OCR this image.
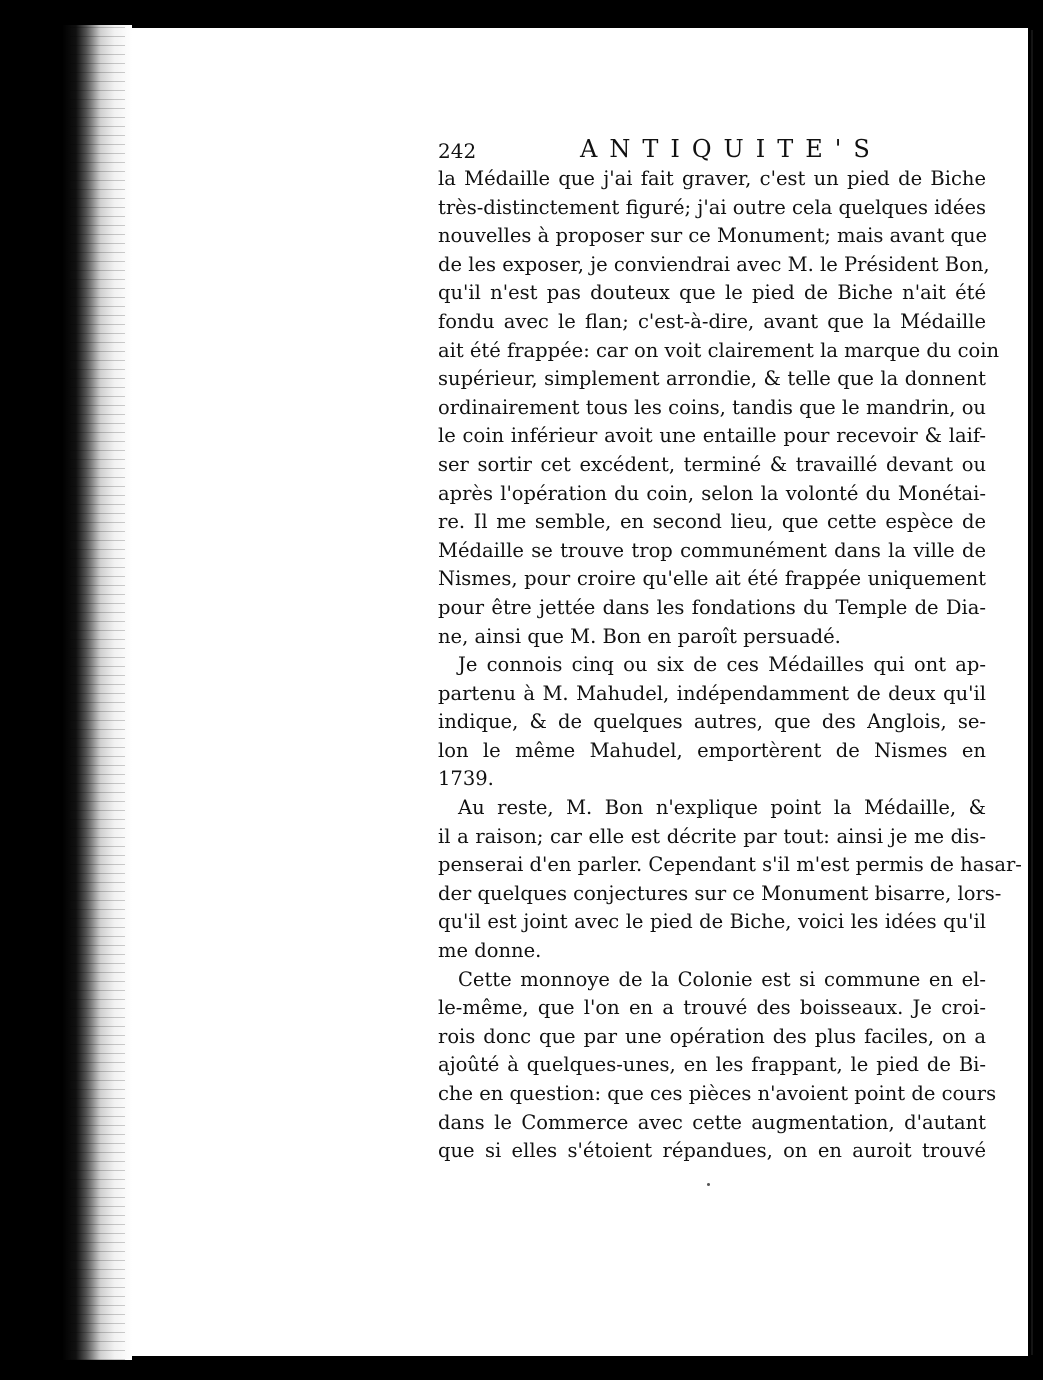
242	ANTIQUITE'S
la Médaille que j'ai fait graver, c'est un pied de Biche
très-distinctement figuré; j'ai outre cela quelques idées
nouvelles à proposer sur ce Monument; mais avant que
de les exposer, je conviendrai avec M. le Président Bon,
qu'il n'est pas douteux que le pied de Biche n'ait été
fondu avec le flan; c'est-à-dire, avant que la Médaille
ait été frappée: car on voit clairement la marque du coin
supérieur, simplement arrondie, & telle que la donnent
ordinairement tous les coins, tandis que le mandrin, ou
le coin inférieur avoit une entaille pour recevoir & laif-
ser sortir cet excédent, terminé & travaillé devant ou
après l'opération du coin, selon la volonté du Monétai-
re. Il me semble, en second lieu, que cette espèce de
Médaille se trouve trop communément dans la ville de
Nismes, pour croire qu'elle ait été frappée uniquement
pour être jettée dans les fondations du Temple de Dia-
ne, ainsi que M. Bon en paroît persuadé.
Je connois cinq ou six de ces Médailles qui ont ap-
partenu à M. Mahudel, indépendamment de deux qu'il
indique, & de quelques autres, que des Anglois, se-
lon le même Mahudel, emportèrent de Nismes en
1739.
Au reste, M. Bon n'explique point la Médaille, &
il a raison; car elle est décrite par tout: ainsi je me dis-
penserai d'en parler. Cependant s'il m'est permis de hasar-
der quelques conjectures sur ce Monument bisarre, lors-
qu'il est joint avec le pied de Biche, voici les idées qu'il
me donne.
Cette monnoye de la Colonie est si commune en el-
le-même, que l'on en a trouvé des boisseaux. Je croi-
rois donc que par une opération des plus faciles, on a
ajoûté à quelques-unes, en les frappant, le pied de Bi-
che en question: que ces pièces n'avoient point de cours
dans le Commerce avec cette augmentation, d'autant
que si elles s'étoient répandues, on en auroit trouvé
